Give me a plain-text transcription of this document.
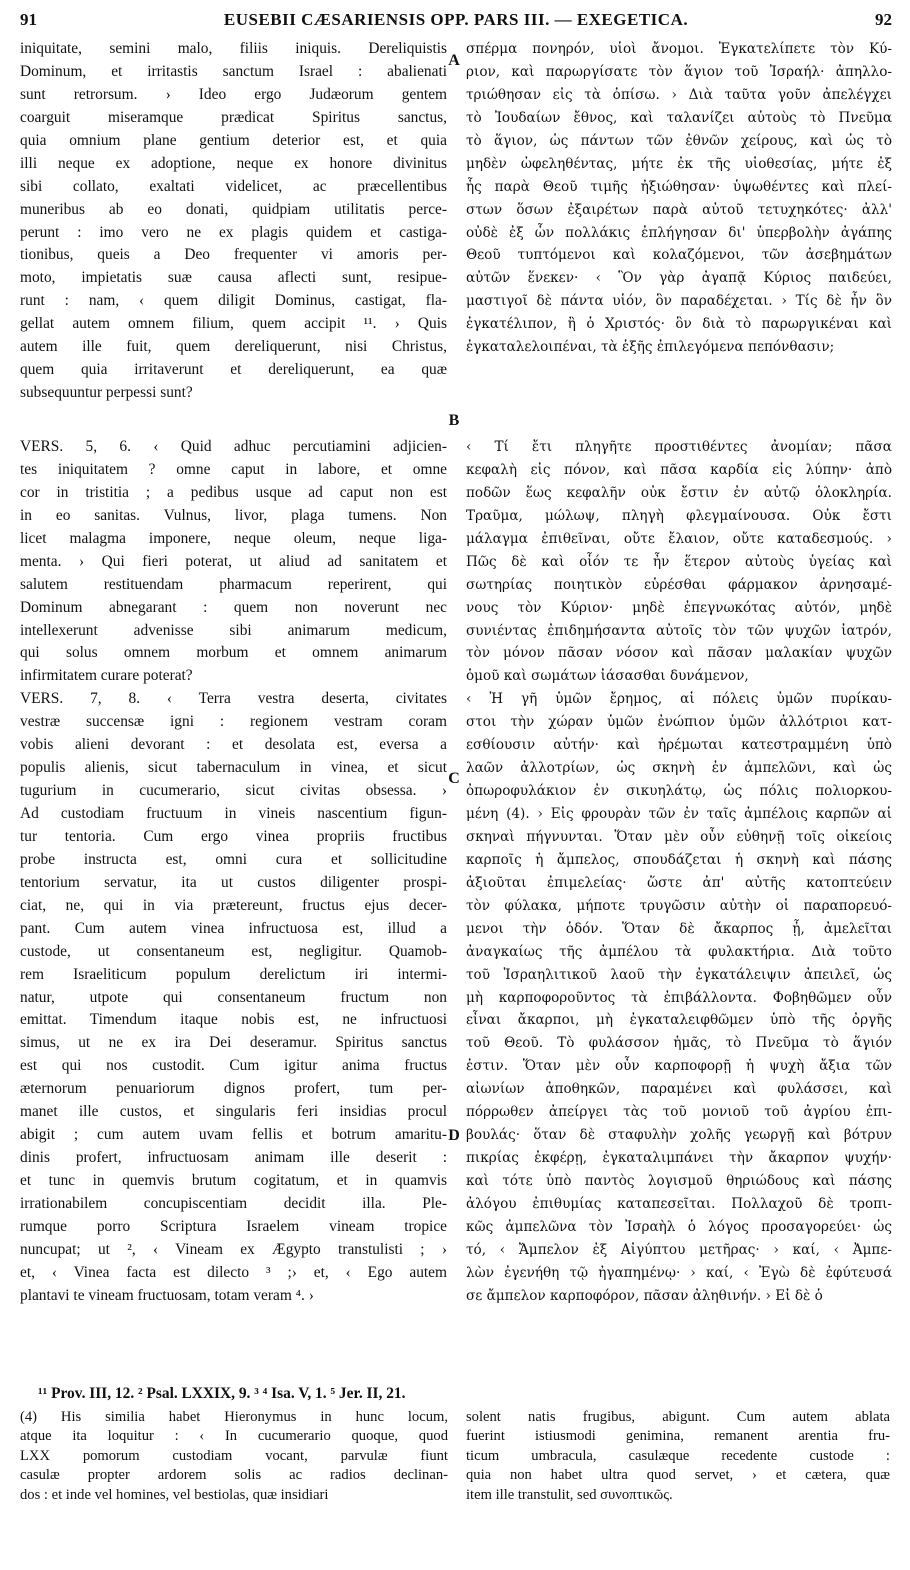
91	EUSEBII CÆSARIENSIS OPP. PARS III. — EXEGETICA.	92
iniquitate, semini malo, filiis iniquis. Dereliquistis
Dominum, et irritastis sanctum Israel : abalienati
sunt retrorsum. › Ideo ergo Judæorum gentem
coarguit miseramque prædicat Spiritus sanctus,
quia omnium plane gentium deterior est, et quia
illi neque ex adoptione, neque ex honore divinitus
sibi collato, exaltati videlicet, ac præcellentibus
muneribus ab eo donati, quidpiam utilitatis perce-
perunt : imo vero ne ex plagis quidem et castiga-
tionibus, queis a Deo frequenter vi amoris per-
moto, impietatis suæ causa aflecti sunt, resipue-
runt : nam, ‹ quem diligit Dominus, castigat, fla-
gellat autem omnem filium, quem accipit ¹¹. › Quis
autem ille fuit, quem dereliquerunt, nisi Christus,
quem quia irritaverunt et dereliquerunt, ea quæ
subsequuntur perpessi sunt?
VERS. 5, 6. ‹ Quid adhuc percutiamini adjicien-
tes iniquitatem ? omne caput in labore, et omne
cor in tristitia ; a pedibus usque ad caput non est
in eo sanitas. Vulnus, livor, plaga tumens. Non
licet malagma imponere, neque oleum, neque liga-
menta. › Qui fieri poterat, ut aliud ad sanitatem et
salutem restituendam pharmacum reperirent, qui
Dominum abnegarant : quem non noverunt nec
intellexerunt advenisse sibi animarum medicum,
qui solus omnem morbum et omnem animarum
infirmitatem curare poterat?
VERS. 7, 8. ‹ Terra vestra deserta, civitates
vestræ succensæ igni : regionem vestram coram
vobis alieni devorant : et desolata est, eversa a
populis alienis, sicut tabernaculum in vinea, et sicut
tugurium in cucumerario, sicut civitas obsessa. ›
Ad custodiam fructuum in vineis nascentium figun-
tur tentoria. Cum ergo vinea propriis fructibus
probe instructa est, omni cura et sollicitudine
tentorium servatur, ita ut custos diligenter prospi-
ciat, ne, qui in via prætereunt, fructus ejus decer-
pant. Cum autem vinea infructuosa est, illud a
custode, ut consentaneum est, negligitur. Quamob-
rem Israeliticum populum derelictum iri intermi-
natur, utpote qui consentaneum fructum non
emittat. Timendum itaque nobis est, ne infructuosi
simus, ut ne ex ira Dei deseramur. Spiritus sanctus
est qui nos custodit. Cum igitur anima fructus
æternorum penuariorum dignos profert, tum per-
manet ille custos, et singularis feri insidias procul
abigit ; cum autem uvam fellis et botrum amaritu-
dinis profert, infructuosam animam ille deserit :
et tunc in quemvis brutum cogitatum, et in quamvis
irrationabilem concupiscentiam decidit illa. Ple-
rumque porro Scriptura Israelem vineam tropice
nuncupat; ut ², ‹ Vineam ex Ægypto transtulisti ; ›
et, ‹ Vinea facta est dilecto ³ ;› et, ‹ Ego autem
plantavi te vineam fructuosam, totam veram ⁴. ›
σπέρμα πονηρόν, υἱοὶ ἄνομοι. Ἐγκατελίπετε τὸν Κύ-
ριον, καὶ παρωργίσατε τὸν ἅγιον τοῦ Ἰσραήλ· ἀπηλλο-
τριώθησαν εἰς τὰ ὀπίσω. › Διὰ ταῦτα γοῦν ἀπελέγχει
τὸ Ἰουδαίων ἔθνος, καὶ ταλανίζει αὐτοὺς τὸ Πνεῦμα
τὸ ἅγιον, ὡς πάντων τῶν ἐθνῶν χείρους, καὶ ὡς τὸ
μηδὲν ὠφεληθέντας, μήτε ἐκ τῆς υἱοθεσίας, μήτε ἐξ
ἧς παρὰ Θεοῦ τιμῆς ἠξιώθησαν· ὑψωθέντες καὶ πλεί-
στων ὅσων ἐξαιρέτων παρὰ αὐτοῦ τετυχηκότες· ἀλλ'
οὐδὲ ἐξ ὧν πολλάκις ἐπλήγησαν δι' ὑπερβολὴν ἀγάπης
Θεοῦ τυπτόμενοι καὶ κολαζόμενοι, τῶν ἀσεβημάτων
αὐτῶν ἕνεκεν· ‹ Ὃν γὰρ ἀγαπᾷ Κύριος παιδεύει,
μαστιγοῖ δὲ πάντα υἱόν, ὃν παραδέχεται. › Τίς δὲ ἦν ὃν
ἐγκατέλιπον, ἢ ὁ Χριστός· ὃν διὰ τὸ παρωργικέναι καὶ
ἐγκαταλελοιπέναι, τὰ ἑξῆς ἐπιλεγόμενα πεπόνθασιν;
‹ Τί ἔτι πληγῆτε προστιθέντες ἀνομίαν; πᾶσα
κεφαλὴ εἰς πόνον, καὶ πᾶσα καρδία εἰς λύπην· ἀπὸ
ποδῶν ἕως κεφαλῆν οὐκ ἔστιν ἐν αὐτῷ ὁλοκληρία.
Τραῦμα, μώλωψ, πληγὴ φλεγμαίνουσα. Οὐκ ἔστι
μάλαγμα ἐπιθεῖναι, οὔτε ἔλαιον, οὔτε καταδεσμούς. ›
Πῶς δὲ καὶ οἷόν τε ἦν ἕτερον αὐτοὺς ὑγείας καὶ
σωτηρίας ποιητικὸν εὑρέσθαι φάρμακον ἀρνησαμέ-
νους τὸν Κύριον· μηδὲ ἐπεγνωκότας αὐτόν, μηδὲ
συνιέντας ἐπιδημήσαντα αὐτοῖς τὸν τῶν ψυχῶν ἰατρόν,
τὸν μόνον πᾶσαν νόσον καὶ πᾶσαν μαλακίαν ψυχῶν
ὁμοῦ καὶ σωμάτων ἰάσασθαι δυνάμενον,
‹ Ἡ γῆ ὑμῶν ἔρημος, αἱ πόλεις ὑμῶν πυρίκαυ-
στοι τὴν χώραν ὑμῶν ἐνώπιον ὑμῶν ἀλλότριοι κατ-
εσθίουσιν αὐτήν· καὶ ἠρέμωται κατεστραμμένη ὑπὸ
λαῶν ἀλλοτρίων, ὡς σκηνὴ ἐν ἀμπελῶνι, καὶ ὡς
ὀπωροφυλάκιον ἐν σικυηλάτῳ, ὡς πόλις πολιορκου-
μένη (4). › Εἰς φρουρὰν τῶν ἐν ταῖς ἀμπέλοις καρπῶν αἱ
σκηναὶ πήγνυνται. Ὅταν μὲν οὖν εὐθηνῇ τοῖς οἰκείοις
καρποῖς ἡ ἄμπελος, σπουδάζεται ἡ σκηνὴ καὶ πάσης
ἀξιοῦται ἐπιμελείας· ὥστε ἀπ' αὐτῆς κατοπτεύειν
τὸν φύλακα, μήποτε τρυγῶσιν αὐτὴν οἱ παραπορευό-
μενοι τὴν ὁδόν. Ὅταν δὲ ἄκαρπος ᾖ, ἀμελεῖται
ἀναγκαίως τῆς ἀμπέλου τὰ φυλακτήρια. Διὰ τοῦτο
τοῦ Ἰσραηλιτικοῦ λαοῦ τὴν ἐγκατάλειψιν ἀπειλεῖ, ὡς
μὴ καρποφοροῦντος τὰ ἐπιβάλλοντα. Φοβηθῶμεν οὖν
εἶναι ἄκαρποι, μὴ ἐγκαταλειφθῶμεν ὑπὸ τῆς ὀργῆς
τοῦ Θεοῦ. Τὸ φυλάσσον ἡμᾶς, τὸ Πνεῦμα τὸ ἅγιόν
ἐστιν. Ὅταν μὲν οὖν καρποφορῇ ἡ ψυχὴ ἄξια τῶν
αἰωνίων ἀποθηκῶν, παραμένει καὶ φυλάσσει, καὶ
πόρρωθεν ἀπείργει τὰς τοῦ μονιοῦ τοῦ ἀγρίου ἐπι-
βουλάς· ὅταν δὲ σταφυλὴν χολῆς γεωργῇ καὶ βότρυν
πικρίας ἐκφέρῃ, ἐγκαταλιμπάνει τὴν ἄκαρπον ψυχήν·
καὶ τότε ὑπὸ παντὸς λογισμοῦ θηριώδους καὶ πάσης
ἀλόγου ἐπιθυμίας καταπεσεῖται. Πολλαχοῦ δὲ τροπι-
κῶς ἀμπελῶνα τὸν Ἰσραὴλ ὁ λόγος προσαγορεύει· ὡς
τό, ‹ Ἄμπελον ἐξ Αἰγύπτου μετῆρας· › καί, ‹ Ἀμπε-
λὼν ἐγενήθη τῷ ἠγαπημένῳ· › καί, ‹ Ἐγὼ δὲ ἐφύτευσά
σε ἄμπελον καρποφόρον, πᾶσαν ἀληθινήν. › Εἰ δὲ ὁ
A
B
C
D
¹¹ Prov. III, 12. ² Psal. LXXIX, 9. ³ ⁴ Isa. V, 1. ⁵ Jer. II, 21.
(4) His similia habet Hieronymus in hunc locum,
atque ita loquitur : ‹ In cucumerario quoque, quod
LXX pomorum custodiam vocant, parvulæ fiunt
casulæ propter ardorem solis ac radios declinan-
dos : et inde vel homines, vel bestiolas, quæ insidiari
solent natis frugibus, abigunt. Cum autem ablata
fuerint istiusmodi genimina, remanent arentia fru-
ticum umbracula, casulæque recedente custode :
quia non habet ultra quod servet, › et cætera, quæ
item ille transtulit, sed συνοπτικῶς.
